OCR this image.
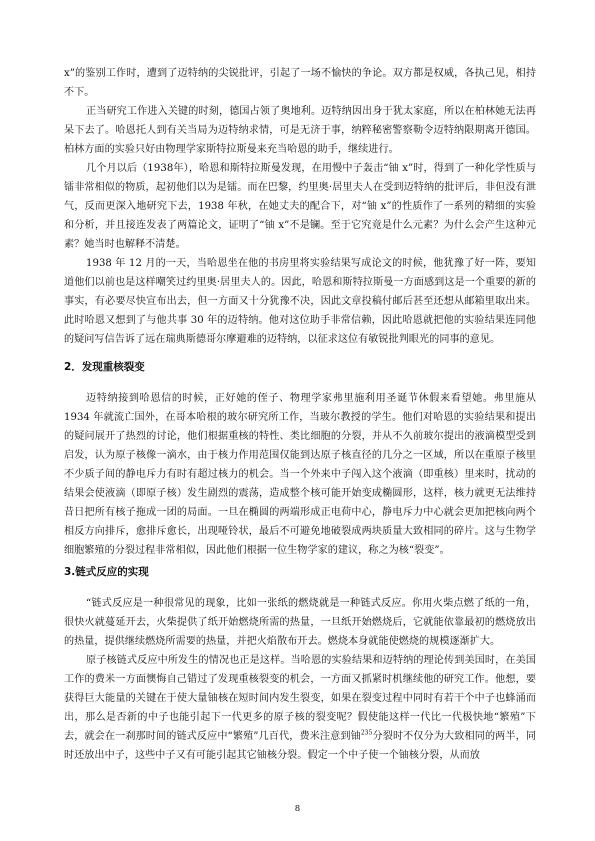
x”的鉴别工作时，遭到了迈特纳的尖锐批评，引起了一场不愉快的争论。双方都是权威，各执己见，相持不下。

正当研究工作进入关键的时刻，德国占领了奥地利。迈特纳因出身于犹太家庭，所以在柏林她无法再呆下去了。哈恩托人到有关当局为迈特纳求情，可是无济于事，纳粹秘密警察勒令迈特纳限期离开德国。柏林方面的实验只好由物理学家斯特拉斯曼来充当哈恩的助手，继续进行。

几个月以后（1938年），哈恩和斯特拉斯曼发现，在用慢中子轰击“铀 x”时，得到了一种化学性质与镭非常相似的物质，起初他们以为是镭。而在巴黎，约里奥·居里夫人在受到迈特纳的批评后，非但没有泄气，反而更深入地研究下去，1938 年秋，在她丈夫的配合下，对“铀 x”的性质作了一系列的精细的实验和分析，并且接连发表了两篇论文，证明了“铀 x”不是镧。至于它究竟是什么元素？为什么会产生这种元素？她当时也解释不清楚。

1938 年 12 月的一天，当哈恩坐在他的书房里将实验结果写成论文的时候，他犹豫了好一阵，要知道他们以前也是这样嘲笑过约里奥·居里夫人的。因此，哈恩和斯特拉斯曼一方面感到这是一个重要的新的事实，有必要尽快宣布出去，但一方面又十分犹豫不决，因此文章投稿付邮后甚至还想从邮箱里取出来。此时哈恩又想到了与他共事 30 年的迈特纳。他对这位助手非常信赖，因此哈恩就把他的实验结果连同他的疑问写信告诉了远在瑞典斯德哥尔摩避难的迈特纳，以征求这位有敏锐批判眼光的同事的意见。

2．发现重核裂变

迈特纳接到哈恩信的时候，正好她的侄子、物理学家弗里施利用圣诞节休假来看望她。弗里施从 1934 年就流亡国外，在哥本哈根的玻尔研究所工作，当玻尔教授的学生。他们对哈恩的实验结果和提出的疑问展开了热烈的讨论，他们根据重核的特性、类比细胞的分裂，并从不久前玻尔提出的液滴模型受到启发，认为原子核像一滴水，由于核力作用范围仅能到达原子核直径的几分之一区域，所以在重原子核里不少质子间的静电斥力有时有超过核力的机会。当一个外来中子闯入这个液滴（即重核）里来时，扰动的结果会使液滴（即原子核）发生剧烈的震荡，造成整个核可能开始变成椭圆形，这样，核力就更无法维持昔日把所有核子拖成一团的局面。一旦在椭圆的两端形成正电荷中心，静电斥力中心就会更加把核向两个相反方向排斥，愈排斥愈长，出现哑铃状，最后不可避免地破裂成两块质量大致相同的碎片。这与生物学细胞繁殖的分裂过程非常相似，因此他们根据一位生物学家的建议，称之为核“裂变”。

3.链式反应的实现

“链式反应是一种很常见的现象，比如一张纸的燃烧就是一种链式反应。你用火柴点燃了纸的一角，很快火就蔓延开去，火柴提供了纸开始燃烧所需的热量，一旦纸开始燃烧后，它就能依靠最初的燃烧放出的热量，提供继续燃烧所需要的热量，并把火焰散布开去。燃烧本身就能使燃烧的规模逐渐扩大。

原子核链式反应中所发生的情况也正是这样。当哈恩的实验结果和迈特纳的理论传到美国时，在美国工作的费米一方面懊悔自己错过了发现重核裂变的机会，一方面又抓紧时机继续他的研究工作。他想，要获得巨大能量的关键在于使大量铀核在短时间内发生裂变，如果在裂变过程中同时有若干个中子也蜂涌而出，那么是否新的中子也能引起下一代更多的原子核的裂变呢？假使能这样一代比一代极快地“繁殖”下去，就会在一刹那时间的链式反应中“繁殖”几百代，费米注意到铀$^{235}$分裂时不仅分为大致相同的两半，同时还放出中子，这些中子又有可能引起其它铀核分裂。假定一个中子使一个铀核分裂，从而放

8
